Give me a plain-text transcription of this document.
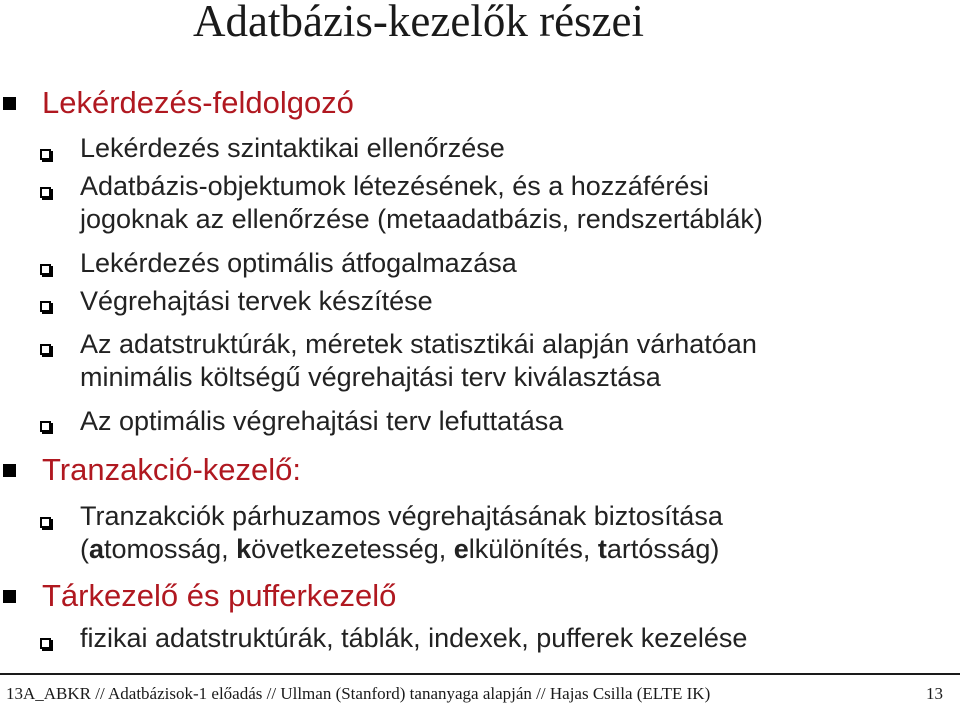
Adatbázis-kezelők részei
Lekérdezés-feldolgozó
Lekérdezés szintaktikai ellenőrzése
Adatbázis-objektumok létezésének, és a hozzáférési
jogoknak az ellenőrzése (metaadatbázis, rendszertáblák)
Lekérdezés optimális átfogalmazása
Végrehajtási tervek készítése
Az adatstruktúrák, méretek statisztikái alapján várhatóan
minimális költségű végrehajtási terv kiválasztása
Az optimális végrehajtási terv lefuttatása
Tranzakció-kezelő:
Tranzakciók párhuzamos végrehajtásának biztosítása
(atomosság, következetesség, elkülönítés, tartósság)
Tárkezelő és pufferkezelő
fizikai adatstruktúrák, táblák, indexek, pufferek kezelése
13A_ABKR // Adatbázisok-1 előadás // Ullman (Stanford) tananyaga alapján // Hajas Csilla (ELTE IK)	13
